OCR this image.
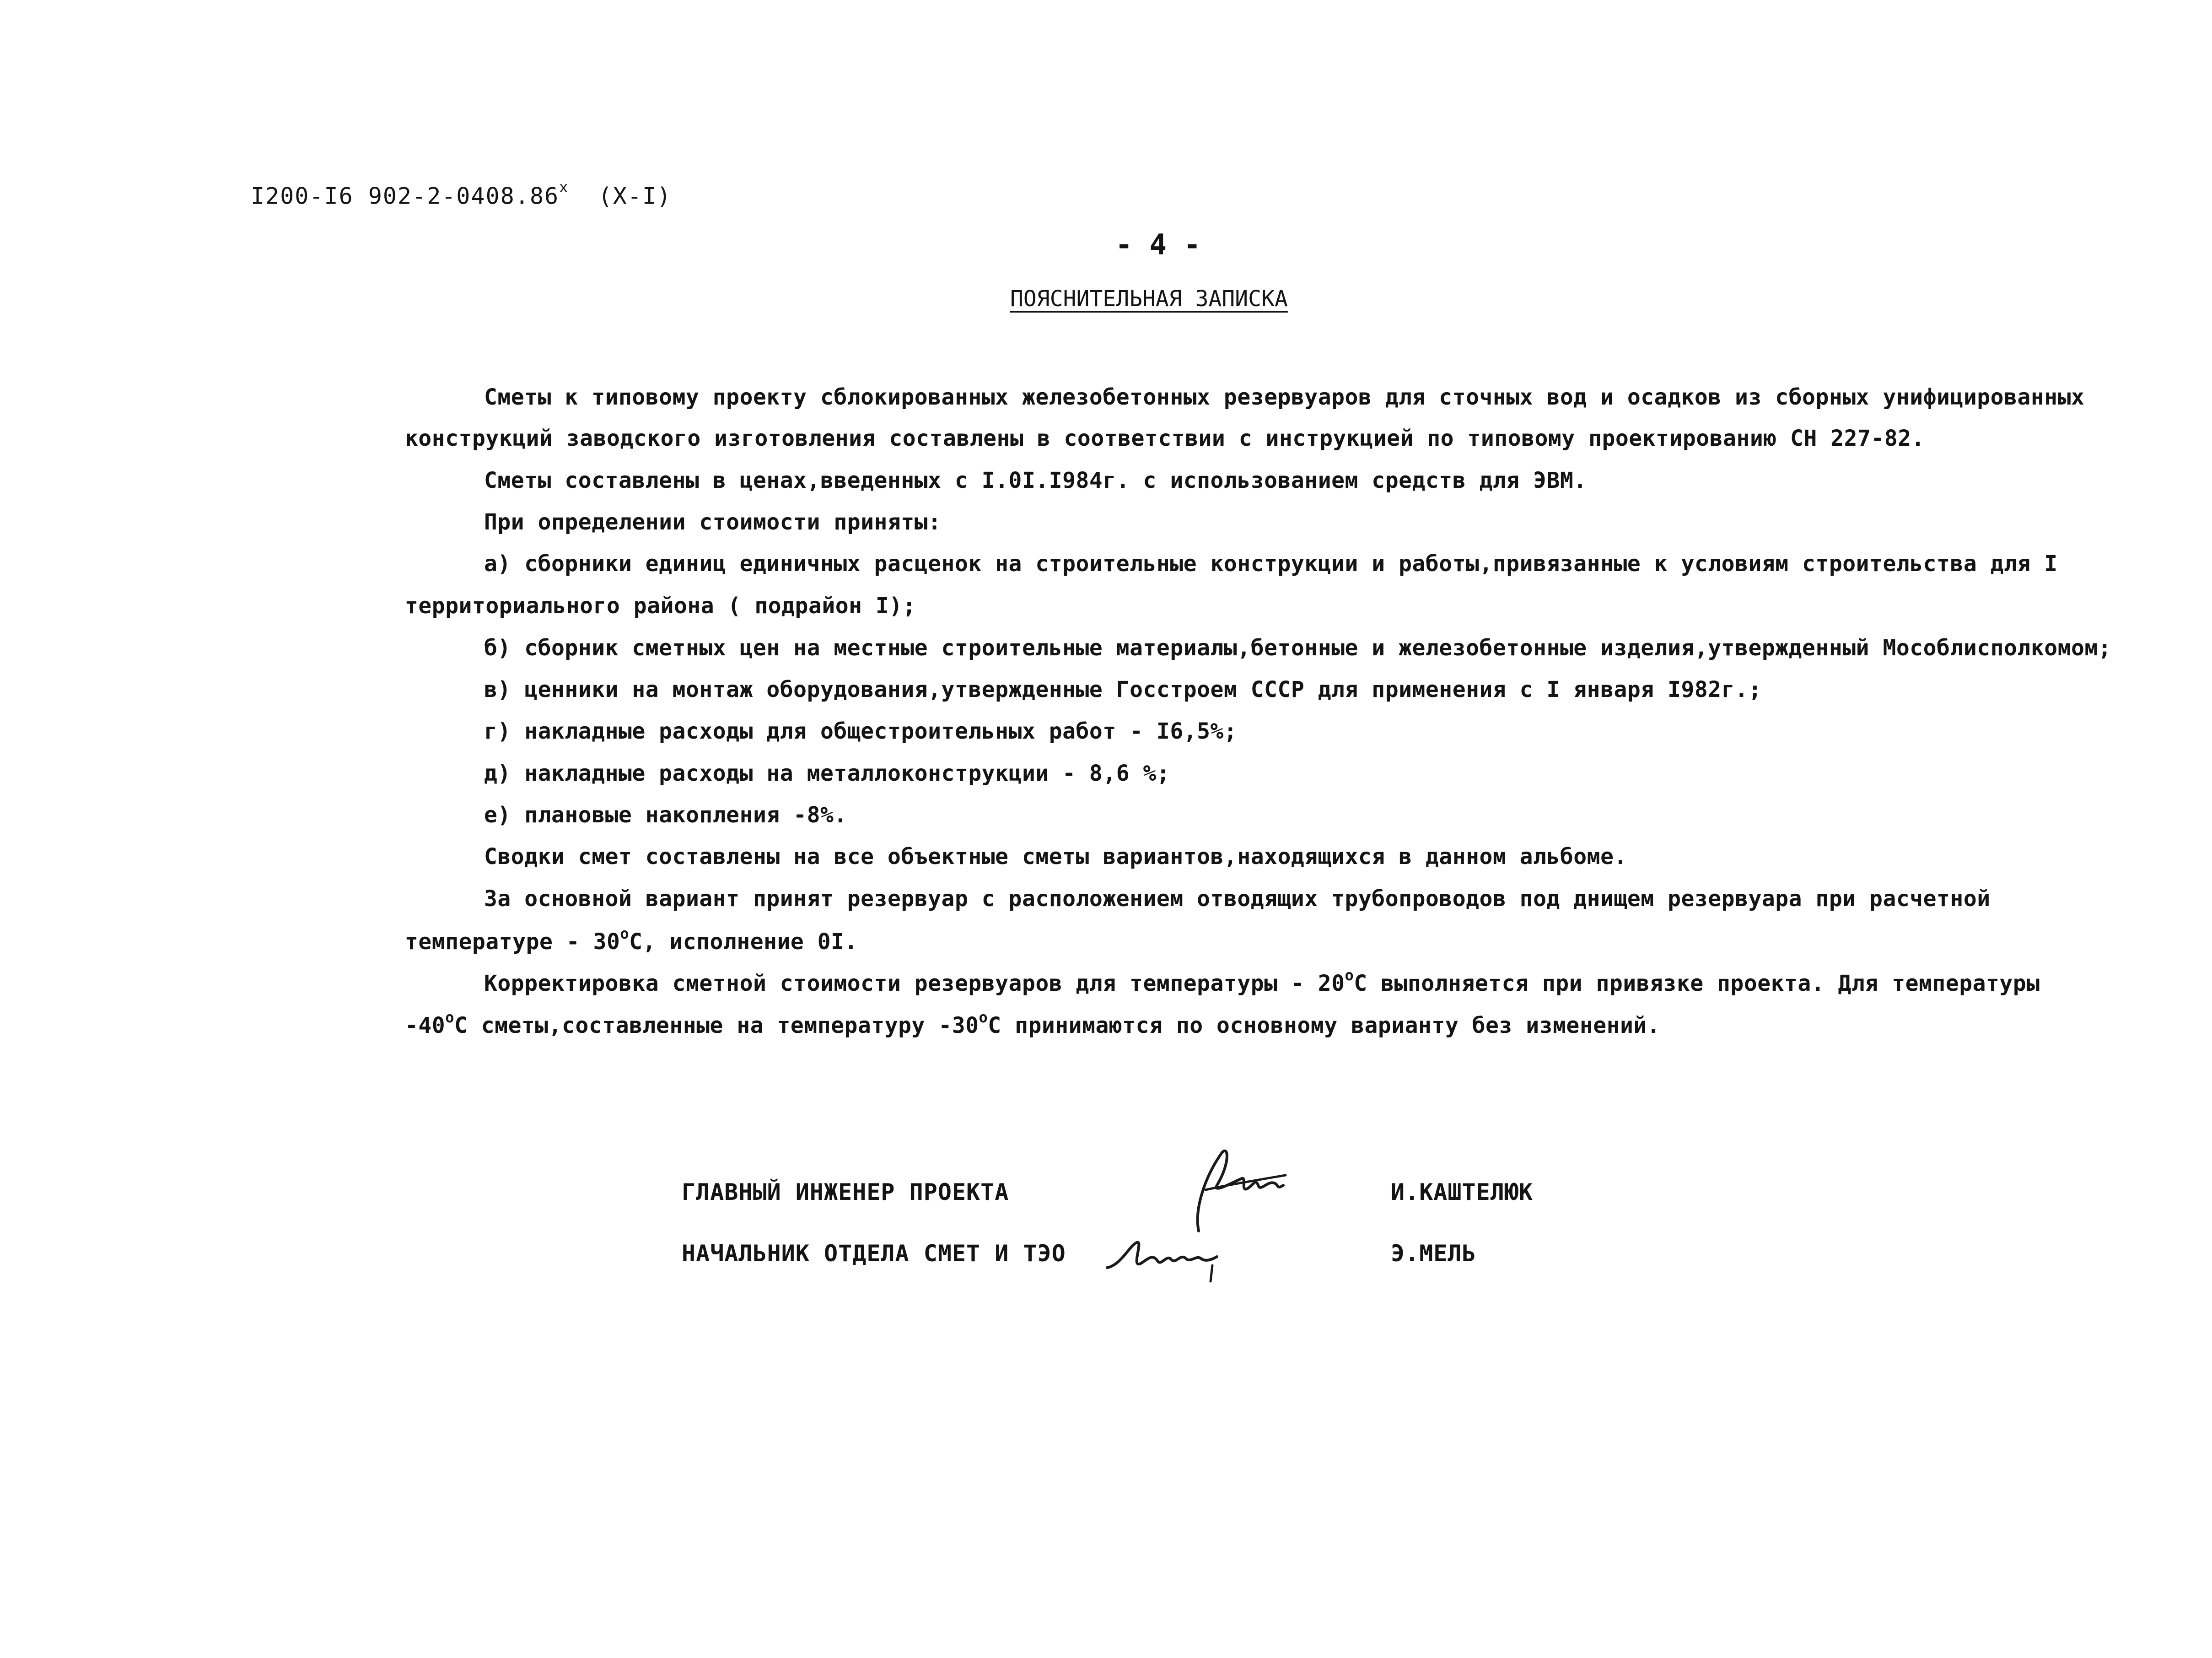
I200-I6 902-2-0408.86$^x$ (X-I)
- 4 -
ПОЯСНИТЕЛЬНАЯ ЗАПИСКА
Сметы к типовому проекту сблокированных железобетонных резервуаров для сточных вод и осадков из сборных унифицированных
конструкций заводского изготовления составлены в соответствии с инструкцией по типовому проектированию СН 227-82.
Сметы составлены в ценах,введенных с I.0I.I984г. с использованием средств для ЭВМ.
При определении стоимости приняты:
а) сборники единиц единичных расценок на строительные конструкции и работы,привязанные к условиям строительства для I
территориального района ( подрайон I);
б) сборник сметных цен на местные строительные материалы,бетонные и железобетонные изделия,утвержденный Мособлисполкомом;
в) ценники на монтаж оборудования,утвержденные Госстроем СССР для применения с I января I982г.;
г) накладные расходы для общестроительных работ - I6,5%;
д) накладные расходы на металлоконструкции - 8,6 %;
е) плановые накопления -8%.
Сводки смет составлены на все объектные сметы вариантов,находящихся в данном альбоме.
За основной вариант принят резервуар с расположением отводящих трубопроводов под днищем резервуара при расчетной
температуре - $30^оС$, исполнение 0I.
Корректировка сметной стоимости резервуаров для температуры - $20^оС$ выполняется при привязке проекта. Для температуры
$-40^оС$ сметы,составленные на температуру $-30^оС$ принимаются по основному варианту без изменений.
ГЛАВНЫЙ ИНЖЕНЕР ПРОЕКТА	И.КАШТЕЛЮК
НАЧАЛЬНИК ОТДЕЛА СМЕТ И ТЭО	Э.МЕЛЬ
